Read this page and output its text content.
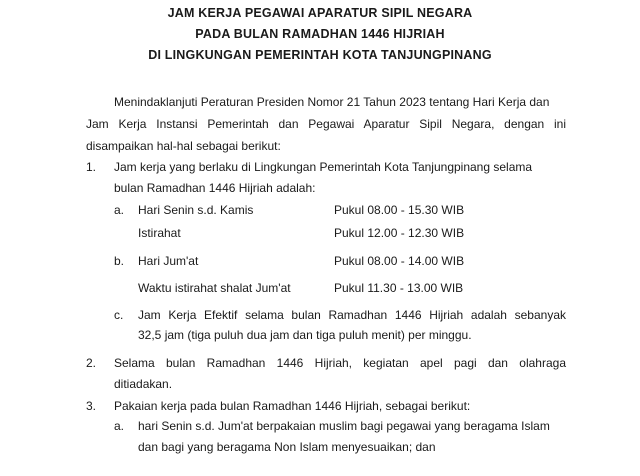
JAM KERJA PEGAWAI APARATUR SIPIL NEGARA
PADA BULAN RAMADHAN 1446 HIJRIAH
DI LINGKUNGAN PEMERINTAH KOTA TANJUNGPINANG
Menindaklanjuti Peraturan Presiden Nomor 21 Tahun 2023 tentang Hari Kerja dan
Jam Kerja Instansi Pemerintah dan Pegawai Aparatur Sipil Negara, dengan ini
disampaikan hal-hal sebagai berikut:
1. Jam kerja yang berlaku di Lingkungan Pemerintah Kota Tanjungpinang selama
bulan Ramadhan 1446 Hijriah adalah:
a. Hari Senin s.d. Kamis	Pukul 08.00 - 15.30 WIB
Istirahat	Pukul 12.00 - 12.30 WIB
b. Hari Jum'at	Pukul 08.00 - 14.00 WIB
Waktu istirahat shalat Jum'at	Pukul 11.30 - 13.00 WIB
c. Jam Kerja Efektif selama bulan Ramadhan 1446 Hijriah adalah sebanyak
32,5 jam (tiga puluh dua jam dan tiga puluh menit) per minggu.
2. Selama bulan Ramadhan 1446 Hijriah, kegiatan apel pagi dan olahraga
ditiadakan.
3. Pakaian kerja pada bulan Ramadhan 1446 Hijriah, sebagai berikut:
a. hari Senin s.d. Jum'at berpakaian muslim bagi pegawai yang beragama Islam
dan bagi yang beragama Non Islam menyesuaikan; dan
